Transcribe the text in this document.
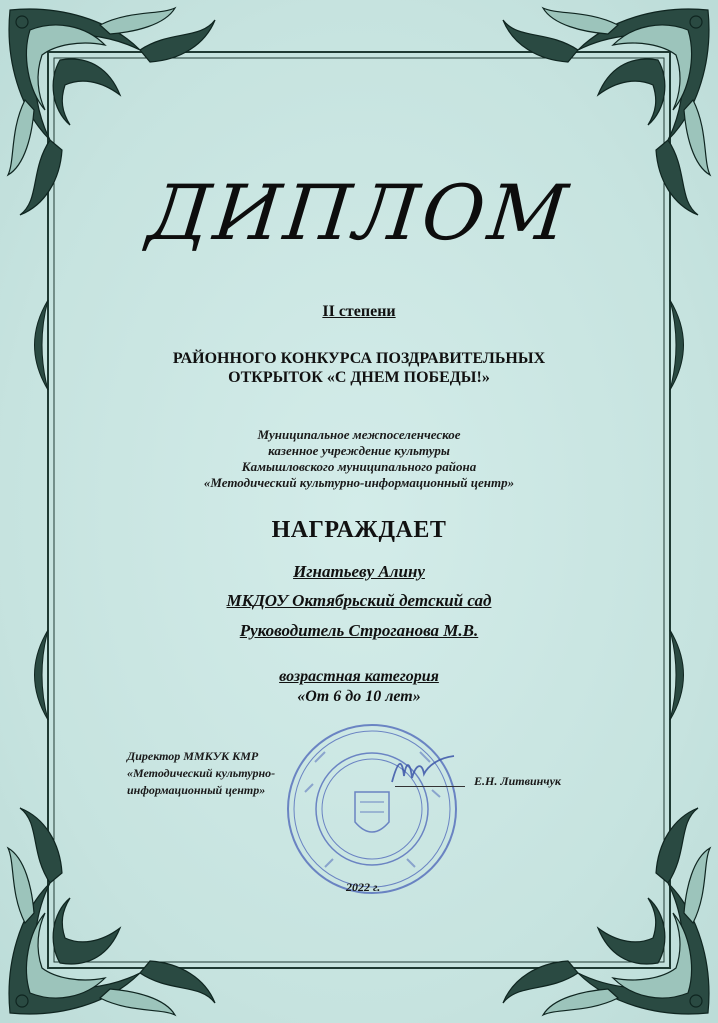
ДИПЛОМ
II степени
РАЙОННОГО КОНКУРСА ПОЗДРАВИТЕЛЬНЫХ
ОТКРЫТОК «С ДНЕМ ПОБЕДЫ!»
Муниципальное межпоселенческое
казенное учреждение культуры
Камышловского муниципального района
«Методический культурно-информационный центр»
НАГРАЖДАЕТ
Игнатьеву Алину
МКДОУ Октябрьский детский сад
Руководитель Строганова М.В.
возрастная категория
«От 6 до 10 лет»
Директор ММКУК КМР
«Методический культурно-
информационный центр»
Е.Н. Литвинчук
2022 г.
